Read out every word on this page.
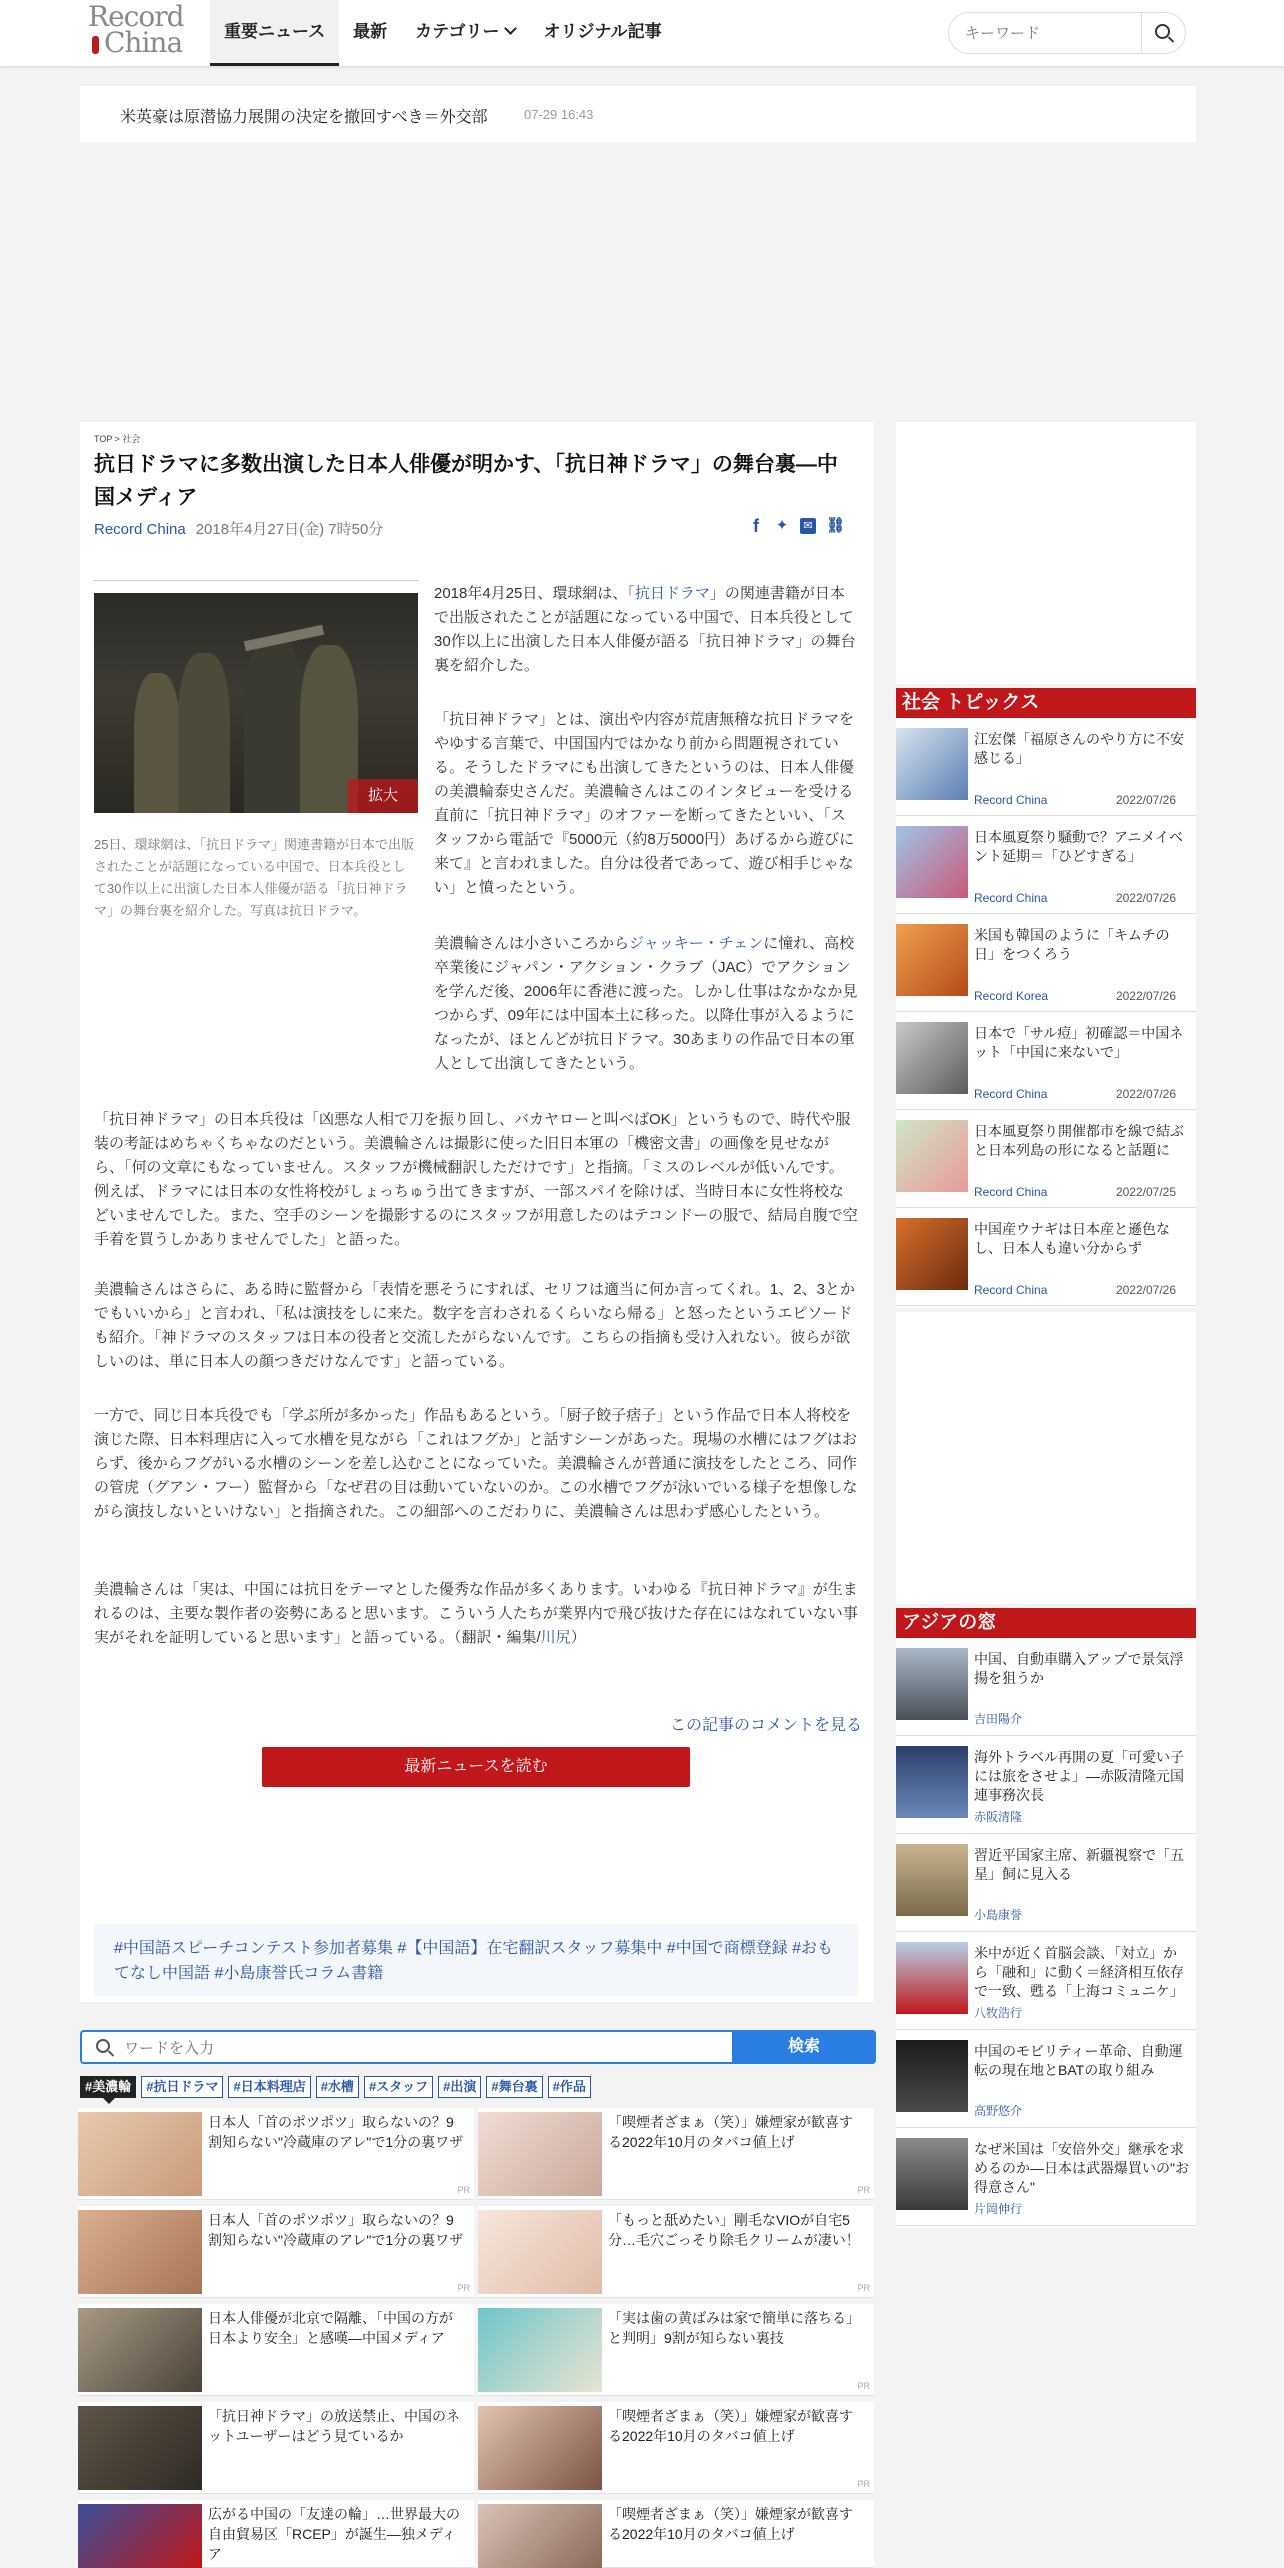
Record
China	重要ニュース	最新	カテゴリー	オリジナル記事
キーワード
米英豪は原潜協力展開の決定を撤回すべき＝外交部	07-29 16:43
TOP > 社会
抗日ドラマに多数出演した日本人俳優が明かす、「抗日神ドラマ」の舞台裏―中国メディア
Record China 2018年4月27日(金) 7時50分	f	✦	✉ ⛓
拡大

25日、環球網は、「抗日ドラマ」関連書籍が日本で出版されたことが話題になっている中国で、日本兵役として30作以上に出演した日本人俳優が語る「抗日神ドラマ」の舞台裏を紹介した。写真は抗日ドラマ。

2018年4月25日、環球網は、「抗日ドラマ」の関連書籍が日本で出版されたことが話題になっている中国で、日本兵役として30作以上に出演した日本人俳優が語る「抗日神ドラマ」の舞台裏を紹介した。

「抗日神ドラマ」とは、演出や内容が荒唐無稽な抗日ドラマをやゆする言葉で、中国国内ではかなり前から問題視されている。そうしたドラマにも出演してきたというのは、日本人俳優の美濃輪泰史さんだ。美濃輪さんはこのインタビューを受ける直前に「抗日神ドラマ」のオファーを断ってきたといい、「スタッフから電話で『5000元（約8万5000円）あげるから遊びに来て』と言われました。自分は役者であって、遊び相手じゃない」と憤ったという。

美濃輪さんは小さいころからジャッキー・チェンに憧れ、高校卒業後にジャパン・アクション・クラブ（JAC）でアクションを学んだ後、2006年に香港に渡った。しかし仕事はなかなか見つからず、09年には中国本土に移った。以降仕事が入るようになったが、ほとんどが抗日ドラマ。30あまりの作品で日本の軍人として出演してきたという。

「抗日神ドラマ」の日本兵役は「凶悪な人相で刀を振り回し、バカヤローと叫べばOK」というもので、時代や服装の考証はめちゃくちゃなのだという。美濃輪さんは撮影に使った旧日本軍の「機密文書」の画像を見せながら、「何の文章にもなっていません。スタッフが機械翻訳しただけです」と指摘。「ミスのレベルが低いんです。例えば、ドラマには日本の女性将校がしょっちゅう出てきますが、一部スパイを除けば、当時日本に女性将校などいませんでした。また、空手のシーンを撮影するのにスタッフが用意したのはテコンドーの服で、結局自腹で空手着を買うしかありませんでした」と語った。

美濃輪さんはさらに、ある時に監督から「表情を悪そうにすれば、セリフは適当に何か言ってくれ。1、2、3とかでもいいから」と言われ、「私は演技をしに来た。数字を言わされるくらいなら帰る」と怒ったというエピソードも紹介。「神ドラマのスタッフは日本の役者と交流したがらないんです。こちらの指摘も受け入れない。彼らが欲しいのは、単に日本人の顔つきだけなんです」と語っている。

一方で、同じ日本兵役でも「学ぶ所が多かった」作品もあるという。「厨子餃子痞子」という作品で日本人将校を演じた際、日本料理店に入って水槽を見ながら「これはフグか」と話すシーンがあった。現場の水槽にはフグはおらず、後からフグがいる水槽のシーンを差し込むことになっていた。美濃輪さんが普通に演技をしたところ、同作の管虎（グアン・フー）監督から「なぜ君の目は動いていないのか。この水槽でフグが泳いでいる様子を想像しながら演技しないといけない」と指摘された。この細部へのこだわりに、美濃輪さんは思わず感心したという。

美濃輪さんは「実は、中国には抗日をテーマとした優秀な作品が多くあります。いわゆる『抗日神ドラマ』が生まれるのは、主要な製作者の姿勢にあると思います。こういう人たちが業界内で飛び抜けた存在にはなれていない事実がそれを証明していると思います」と語っている。（翻訳・編集/川尻）

この記事のコメントを見る
最新ニュースを読む
#中国語スピーチコンテスト参加者募集 #【中国語】在宅翻訳スタッフ募集中 #中国で商標登録 #おもてなし中国語 #小島康誉氏コラム書籍
ワードを入力
検索
#美濃輪	#抗日ドラマ	#日本料理店	#水槽	#スタッフ	#出演	#舞台裏	#作品
日本人「首のポツポツ」取らないの？9割知らない"冷蔵庫のアレ"で1分の裏ワザ
PR
「喫煙者ざまぁ（笑）」嫌煙家が歓喜する2022年10月のタバコ値上げ
PR
日本人「首のポツポツ」取らないの？9割知らない"冷蔵庫のアレ"で1分の裏ワザ
PR
「もっと舐めたい」剛毛なVIOが自宅5分…毛穴ごっそり除毛クリームが凄い！
PR
日本人俳優が北京で隔離、「中国の方が日本より安全」と感嘆―中国メディア
「実は歯の黄ばみは家で簡単に落ちる」と判明」9割が知らない裏技
PR
「抗日神ドラマ」の放送禁止、中国のネットユーザーはどう見ているか
「喫煙者ざまぁ（笑）」嫌煙家が歓喜する2022年10月のタバコ値上げ
PR
広がる中国の「友達の輪」…世界最大の自由貿易区「RCEP」が誕生―独メディア
「喫煙者ざまぁ（笑）」嫌煙家が歓喜する2022年10月のタバコ値上げ
社会 トピックス
江宏傑「福原さんのやり方に不安感じる」
Record China	2022/07/26
日本風夏祭り騒動で？アニメイベント延期＝「ひどすぎる」
Record China	2022/07/26
米国も韓国のように「キムチの日」をつくろう
Record Korea	2022/07/26
日本で「サル痘」初確認＝中国ネット「中国に来ないで」
Record China	2022/07/26
日本風夏祭り開催都市を線で結ぶと日本列島の形になると話題に
Record China	2022/07/25
中国産ウナギは日本産と遜色なし、日本人も違い分からず
Record China	2022/07/26
アジアの窓
中国、自動車購入アップで景気浮揚を狙うか
吉田陽介
海外トラベル再開の夏「可愛い子には旅をさせよ」―赤阪清隆元国連事務次長
赤阪清隆
習近平国家主席、新疆視察で「五星」飼に見入る
小島康誉
米中が近く首脳会談、「対立」から「融和」に動く＝経済相互依存で一致、甦る「上海コミュニケ」
八牧浩行
中国のモビリティー革命、自動運転の現在地とBATの取り組み
高野悠介
なぜ米国は「安倍外交」継承を求めるのか―日本は武器爆買いの"お得意さん"
片岡伸行
